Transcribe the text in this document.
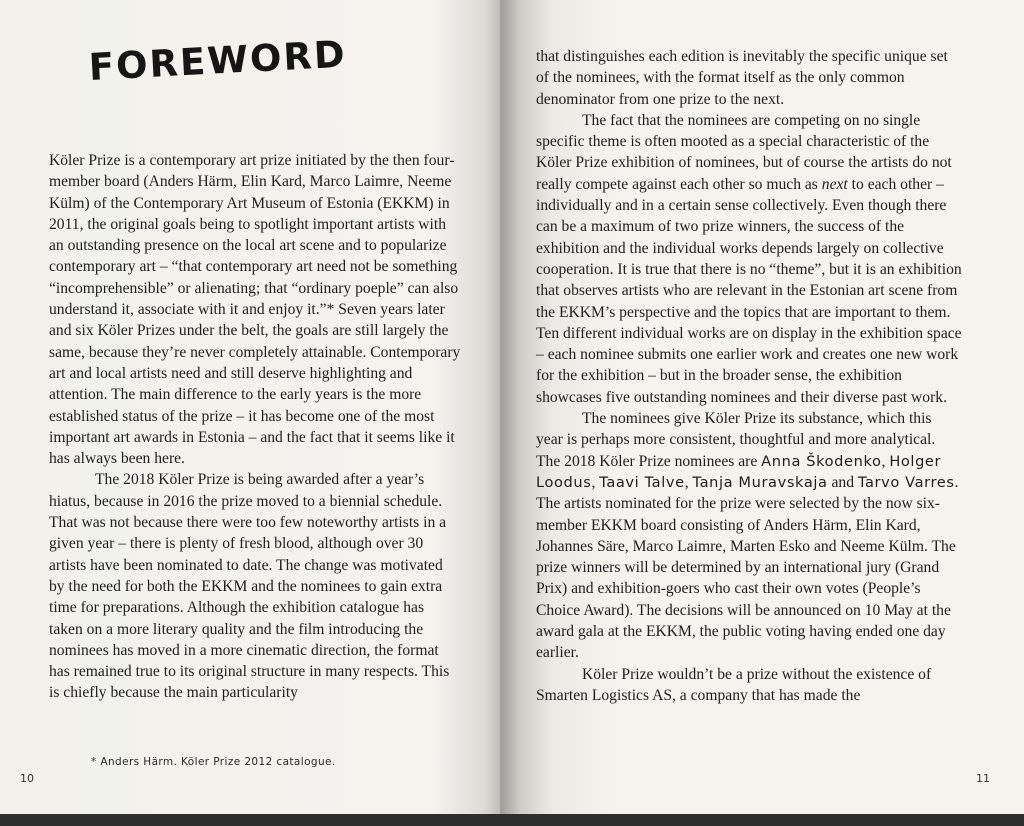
FOREWORD

Köler Prize is a contemporary art prize initiated by the then four-member board (Anders Härm, Elin Kard, Marco Laimre, Neeme Külm) of the Contemporary Art Museum of Estonia (EKKM) in 2011, the original goals being to spotlight important artists with an outstanding presence on the local art scene and to popularize contemporary art – “that contemporary art need not be something “incomprehensible” or alienating; that “ordinary poeple” can also understand it, associate with it and enjoy it.”* Seven years later and six Köler Prizes under the belt, the goals are still largely the same, because they’re never completely attainable. Contemporary art and local artists need and still deserve highlighting and attention. The main difference to the early years is the more established status of the prize – it has become one of the most important art awards in Estonia – and the fact that it seems like it has always been here.

The 2018 Köler Prize is being awarded after a year’s hiatus, because in 2016 the prize moved to a biennial schedule. That was not because there were too few noteworthy artists in a given year – there is plenty of fresh blood, although over 30 artists have been nominated to date. The change was motivated by the need for both the EKKM and the nominees to gain extra time for preparations. Although the exhibition catalogue has taken on a more literary quality and the film introducing the nominees has moved in a more cinematic direction, the format has remained true to its original structure in many respects. This is chiefly because the main particularity

* Anders Härm. Köler Prize 2012 catalogue.
10

that distinguishes each edition is inevitably the specific unique set of the nominees, with the format itself as the only common denominator from one prize to the next.

The fact that the nominees are competing on no single specific theme is often mooted as a special characteristic of the Köler Prize exhibition of nominees, but of course the artists do not really compete against each other so much as next to each other – individually and in a certain sense collectively. Even though there can be a maximum of two prize winners, the success of the exhibition and the individual works depends largely on collective cooperation. It is true that there is no “theme”, but it is an exhibition that observes artists who are relevant in the Estonian art scene from the EKKM’s perspective and the topics that are important to them. Ten different individual works are on display in the exhibition space – each nominee submits one earlier work and creates one new work for the exhibition – but in the broader sense, the exhibition showcases five outstanding nominees and their diverse past work.

The nominees give Köler Prize its substance, which this year is perhaps more consistent, thoughtful and more analytical. The 2018 Köler Prize nominees are Anna Škodenko, Holger Loodus, Taavi Talve, Tanja Muravskaja and Tarvo Varres. The artists nominated for the prize were selected by the now six-member EKKM board consisting of Anders Härm, Elin Kard, Johannes Säre, Marco Laimre, Marten Esko and Neeme Külm. The prize winners will be determined by an international jury (Grand Prix) and exhibition-goers who cast their own votes (People’s Choice Award). The decisions will be announced on 10 May at the award gala at the EKKM, the public voting having ended one day earlier.

Köler Prize wouldn’t be a prize without the existence of Smarten Logistics AS, a company that has made the

11
